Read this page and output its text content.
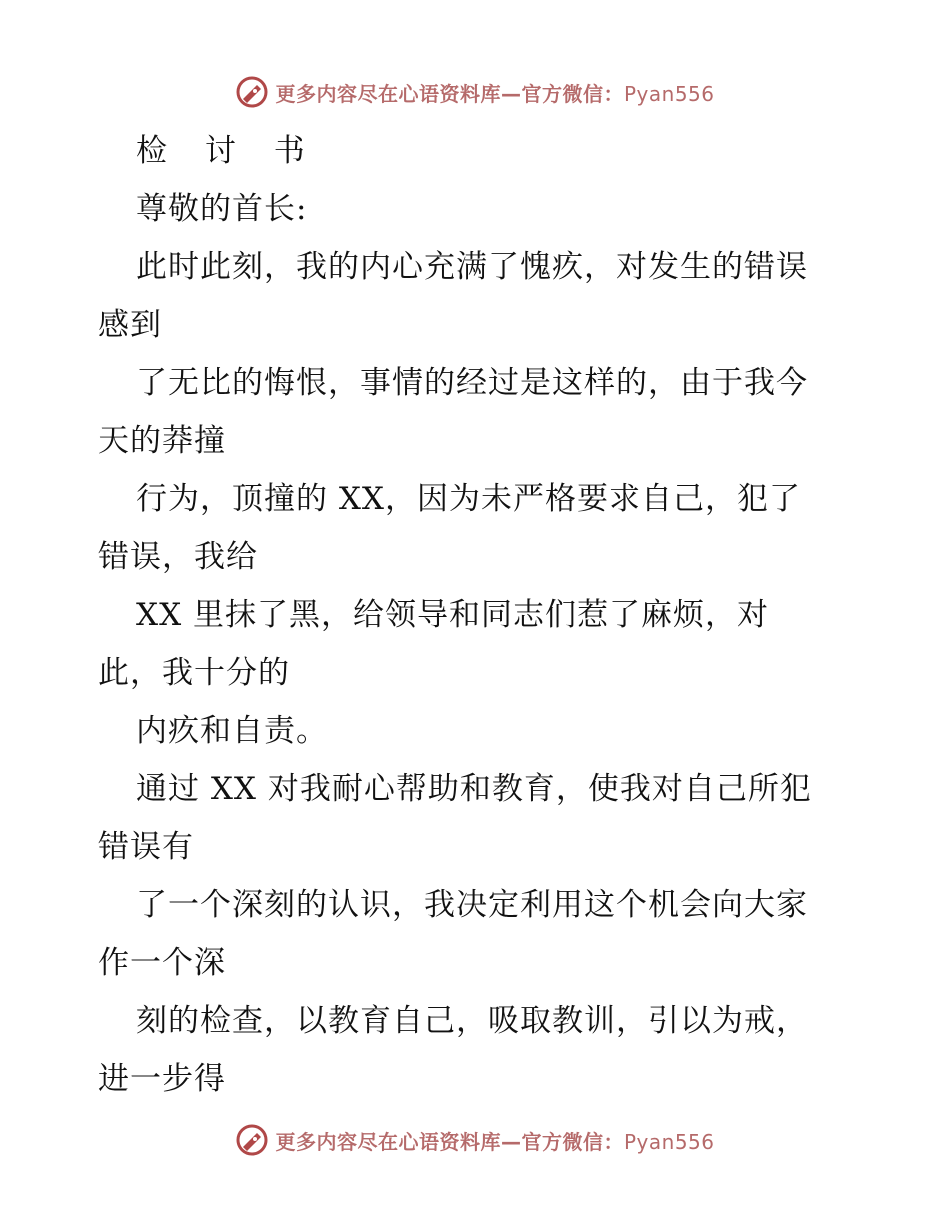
更多内容尽在心语资料库—官方微信：Pyan556
检 讨 书
尊敬的首长:
此时此刻，我的内心充满了愧疚，对发生的错误
感到
了无比的悔恨，事情的经过是这样的，由于我今
天的莽撞
行为，顶撞的 XX，因为未严格要求自己，犯了
错误，我给
XX 里抹了黑，给领导和同志们惹了麻烦，对
此，我十分的
内疚和自责。
通过 XX 对我耐心帮助和教育，使我对自己所犯
错误有
了一个深刻的认识，我决定利用这个机会向大家
作一个深
刻的检查，以教育自己，吸取教训，引以为戒，
进一步得
更多内容尽在心语资料库—官方微信：Pyan556
